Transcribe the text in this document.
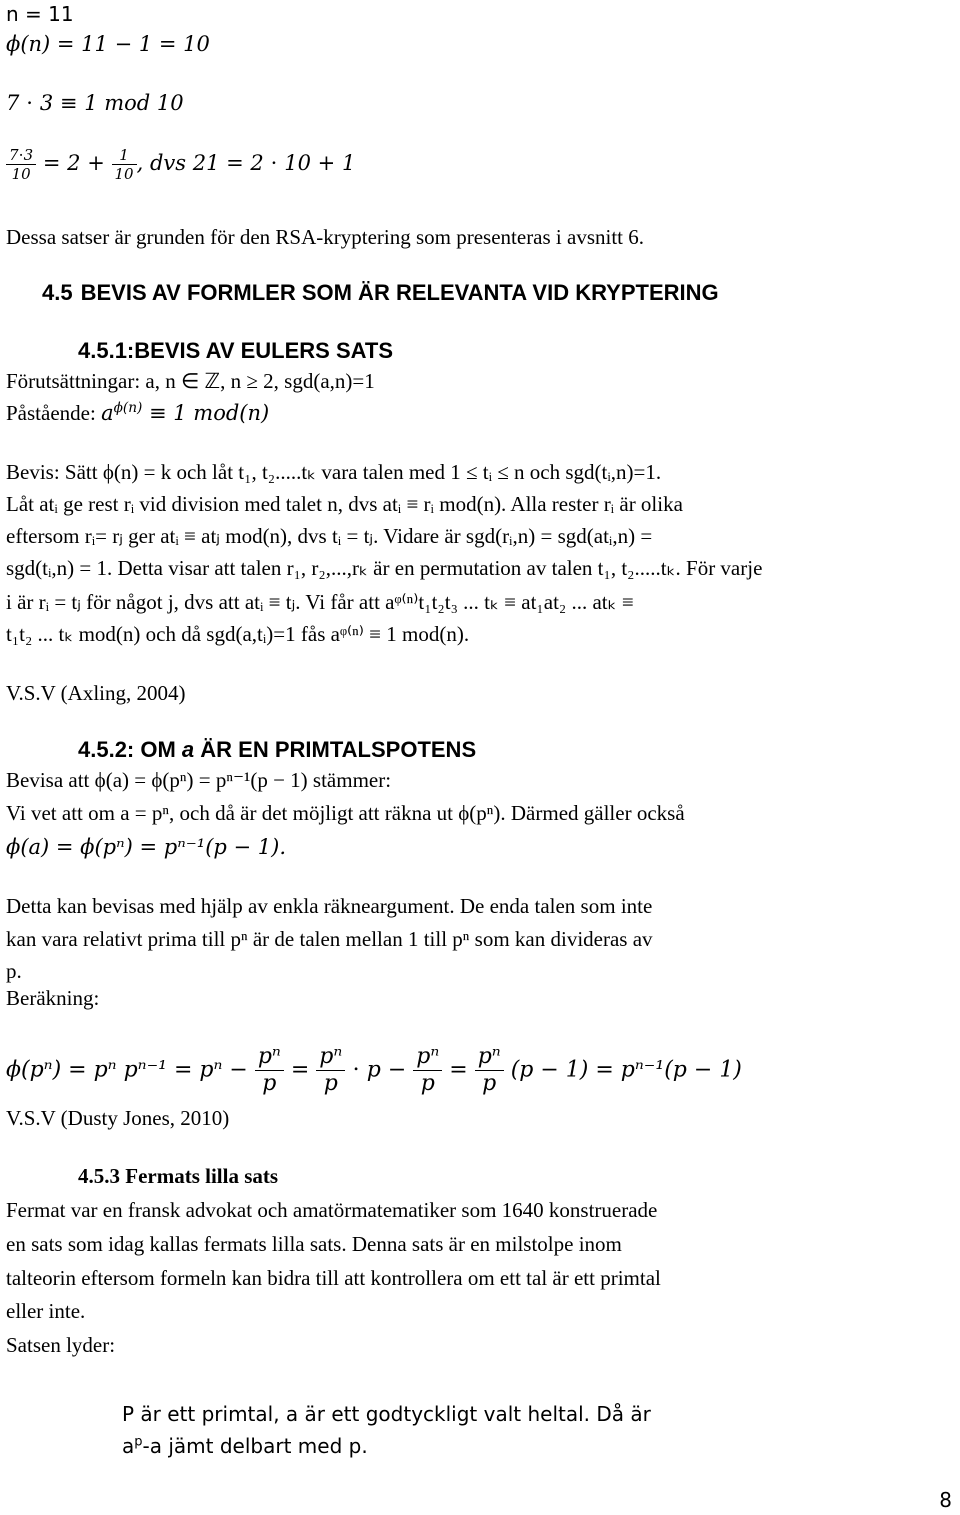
n = 11
ϕ(n) = 11 − 1 = 10
7 ⋅ 3 ≡ 1 mod 10
$\frac{7\cdot 3}{10} = 2 + \frac{1}{10}$ , dvs 21 = 2 ⋅ 10 + 1
Dessa satser är grunden för den RSA-kryptering som presenteras i avsnitt 6.
4.5 BEVIS AV FORMLER SOM ÄR RELEVANTA VID KRYPTERING
4.5.1:BEVIS AV EULERS SATS
Förutsättningar: a, n ∈ ℤ, n ≥ 2, sgd(a,n)=1
Påstående: $a^{\phi(n)} \equiv 1$ mod(n)
Bevis: Sätt ϕ(n) = k och låt t₁, t₂.....tₖ vara talen med 1 ≤ tᵢ ≤ n och sgd(tᵢ,n)=1.
Låt atᵢ ge rest rᵢ vid division med talet n, dvs atᵢ ≡ rᵢ mod(n). Alla rester rᵢ är olika
eftersom rᵢ= rⱼ ger atᵢ ≡ atⱼ mod(n), dvs tᵢ = tⱼ. Vidare är sgd(rᵢ,n) = sgd(atᵢ,n) =
sgd(tᵢ,n) = 1. Detta visar att talen r₁, r₂,...,rₖ är en permutation av talen t₁, t₂.....tₖ. För varje
i är rᵢ = tⱼ för något j, dvs att atᵢ ≡ tⱼ. Vi får att aᵠ⁽ⁿ⁾t₁t₂t₃ ... tₖ ≡ at₁at₂ ... atₖ ≡
t₁t₂ ... tₖ mod(n) och då sgd(a,tᵢ)=1 fås aᵠ⁽ⁿ⁾ ≡ 1 mod(n).
V.S.V (Axling, 2004)
4.5.2: OM a ÄR EN PRIMTALSPOTENS
Bevisa att ϕ(a) = ϕ(pⁿ) = pⁿ⁻¹(p − 1) stämmer:
Vi vet att om a = pⁿ, och då är det möjligt att räkna ut ϕ(pⁿ). Därmed gäller också
ϕ(a) = ϕ(pⁿ) = pⁿ⁻¹(p − 1).
Detta kan bevisas med hjälp av enkla räkneargument. De enda talen som inte
kan vara relativt prima till pⁿ är de talen mellan 1 till pⁿ som kan divideras av
p.
Beräkning:
ϕ(pⁿ) = pⁿ $p^{n-1} = p^n - \frac{\text{pⁿ}}{p} = \frac{\text{pⁿ}}{p} \cdot p - \frac{\text{pⁿ}}{p} = \frac{\text{pⁿ}}{p} (p - 1) = p^{n-1}(p - 1)$
V.S.V (Dusty Jones, 2010)
4.5.3 Fermats lilla sats
Fermat var en fransk advokat och amatörmatematiker som 1640 konstruerade
en sats som idag kallas fermats lilla sats. Denna sats är en milstolpe inom
talteorin eftersom formeln kan bidra till att kontrollera om ett tal är ett primtal
eller inte.
Satsen lyder:
P är ett primtal, a är ett godtyckligt valt heltal. Då är
$a^p-a$ jämt delbart med p.
8
